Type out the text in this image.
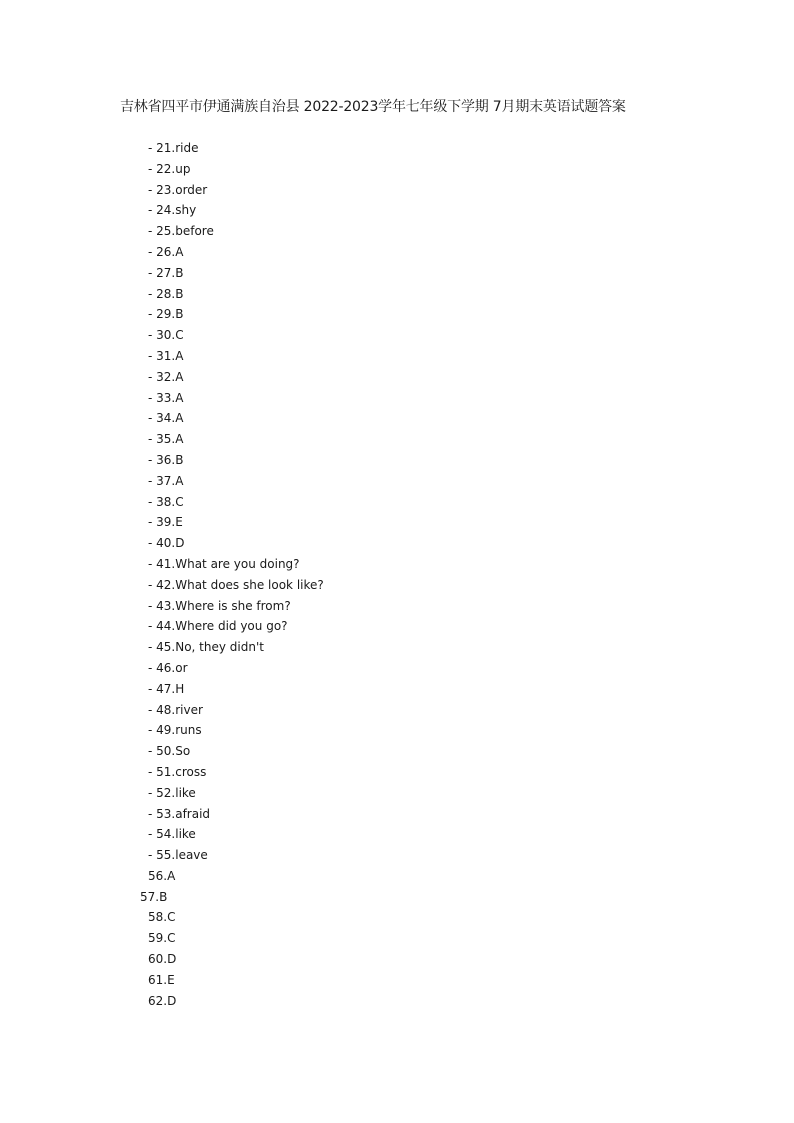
吉林省四平市伊通满族自治县 2022-2023学年七年级下学期 7月期末英语试题答案
- 21.ride
- 22.up
- 23.order
- 24.shy
- 25.before
- 26.A
- 27.B
- 28.B
- 29.B
- 30.C
- 31.A
- 32.A
- 33.A
- 34.A
- 35.A
- 36.B
- 37.A
- 38.C
- 39.E
- 40.D
- 41.What are you doing?
- 42.What does she look like?
- 43.Where is she from?
- 44.Where did you go?
- 45.No, they didn't
- 46.or
- 47.H
- 48.river
- 49.runs
- 50.So
- 51.cross
- 52.like
- 53.afraid
- 54.like
- 55.leave
56.A
57.B
58.C
59.C
60.D
61.E
62.D
